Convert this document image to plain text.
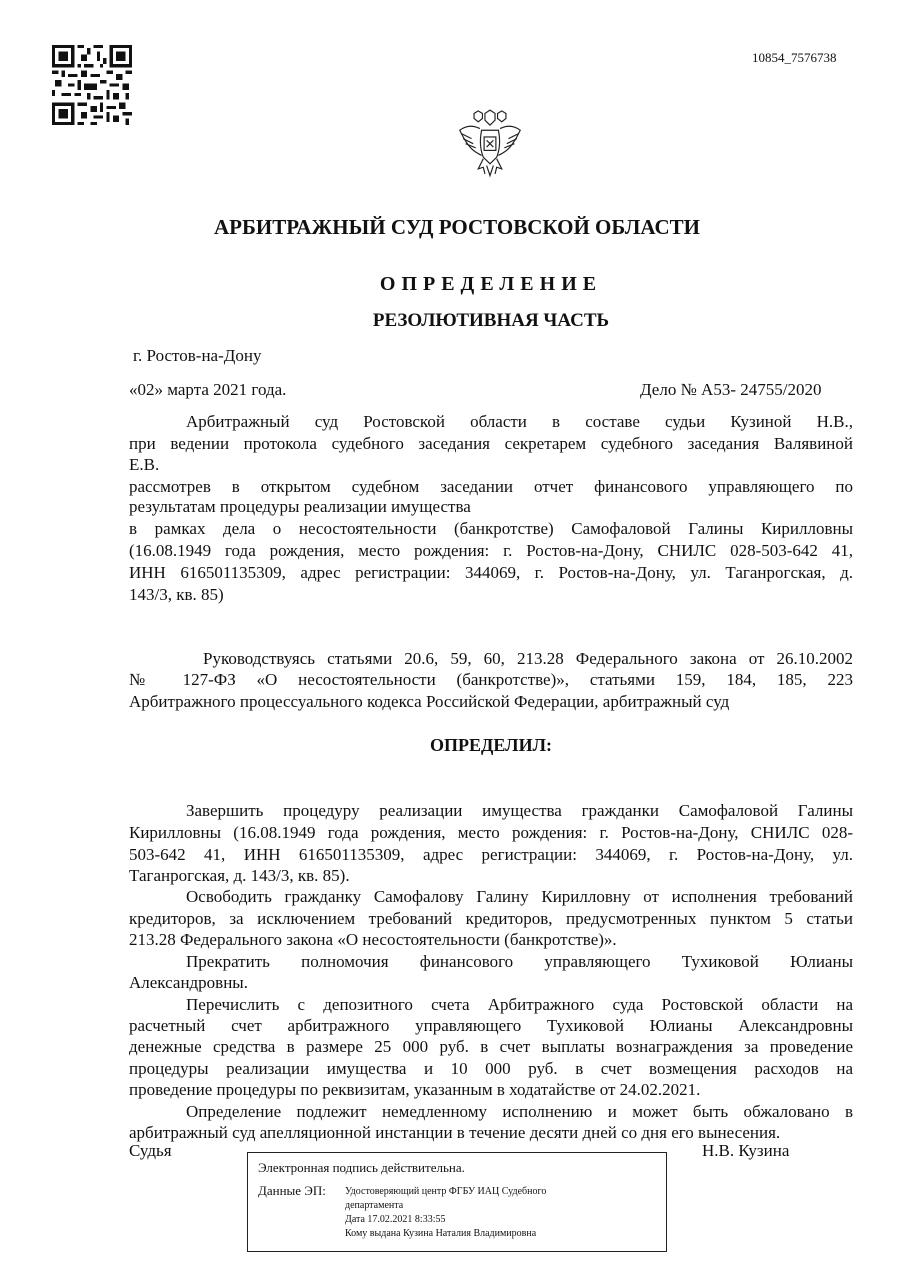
10854_7576738
АРБИТРАЖНЫЙ СУД РОСТОВСКОЙ ОБЛАСТИ
ОПРЕДЕЛЕНИЕ
РЕЗОЛЮТИВНАЯ ЧАСТЬ
г. Ростов-на-Дону
«02» марта 2021 года.	Дело № А53- 24755/2020
Арбитражный суд Ростовской области в составе судьи Кузиной Н.В.,
при ведении протокола судебного заседания секретарем судебного заседания Валявиной
Е.В.
рассмотрев в открытом судебном заседании отчет финансового управляющего по
результатам процедуры реализации имущества
в рамках дела о несостоятельности (банкротстве) Самофаловой Галины Кирилловны
(16.08.1949 года рождения, место рождения: г. Ростов-на-Дону, СНИЛС 028-503-642 41,
ИНН 616501135309, адрес регистрации: 344069, г. Ростов-на-Дону, ул. Таганрогская, д.
143/3, кв. 85)
Руководствуясь статьями 20.6, 59, 60, 213.28 Федерального закона от 26.10.2002
№ 127-ФЗ «О несостоятельности (банкротстве)», статьями 159, 184, 185, 223
Арбитражного процессуального кодекса Российской Федерации, арбитражный суд
ОПРЕДЕЛИЛ:
Завершить процедуру реализации имущества гражданки Самофаловой Галины
Кирилловны (16.08.1949 года рождения, место рождения: г. Ростов-на-Дону, СНИЛС 028-
503-642 41, ИНН 616501135309, адрес регистрации: 344069, г. Ростов-на-Дону, ул.
Таганрогская, д. 143/3, кв. 85).
Освободить гражданку Самофалову Галину Кирилловну от исполнения требований
кредиторов, за исключением требований кредиторов, предусмотренных пунктом 5 статьи
213.28 Федерального закона «О несостоятельности (банкротстве)».
Прекратить полномочия финансового управляющего Тухиковой Юлианы
Александровны.
Перечислить с депозитного счета Арбитражного суда Ростовской области на
расчетный счет арбитражного управляющего Тухиковой Юлианы Александровны
денежные средства в размере 25 000 руб. в счет выплаты вознаграждения за проведение
процедуры реализации имущества и 10 000 руб. в счет возмещения расходов на
проведение процедуры по реквизитам, указанным в ходатайстве от 24.02.2021.
Определение подлежит немедленному исполнению и может быть обжаловано в
арбитражный суд апелляционной инстанции в течение десяти дней со дня его вынесения.
Судья	Н.В. Кузина
Электронная подпись действительна.
Данные ЭП: Удостоверяющий центр ФГБУ ИАЦ Судебного
департамента
Дата 17.02.2021 8:33:55
Кому выдана Кузина Наталия Владимировна
